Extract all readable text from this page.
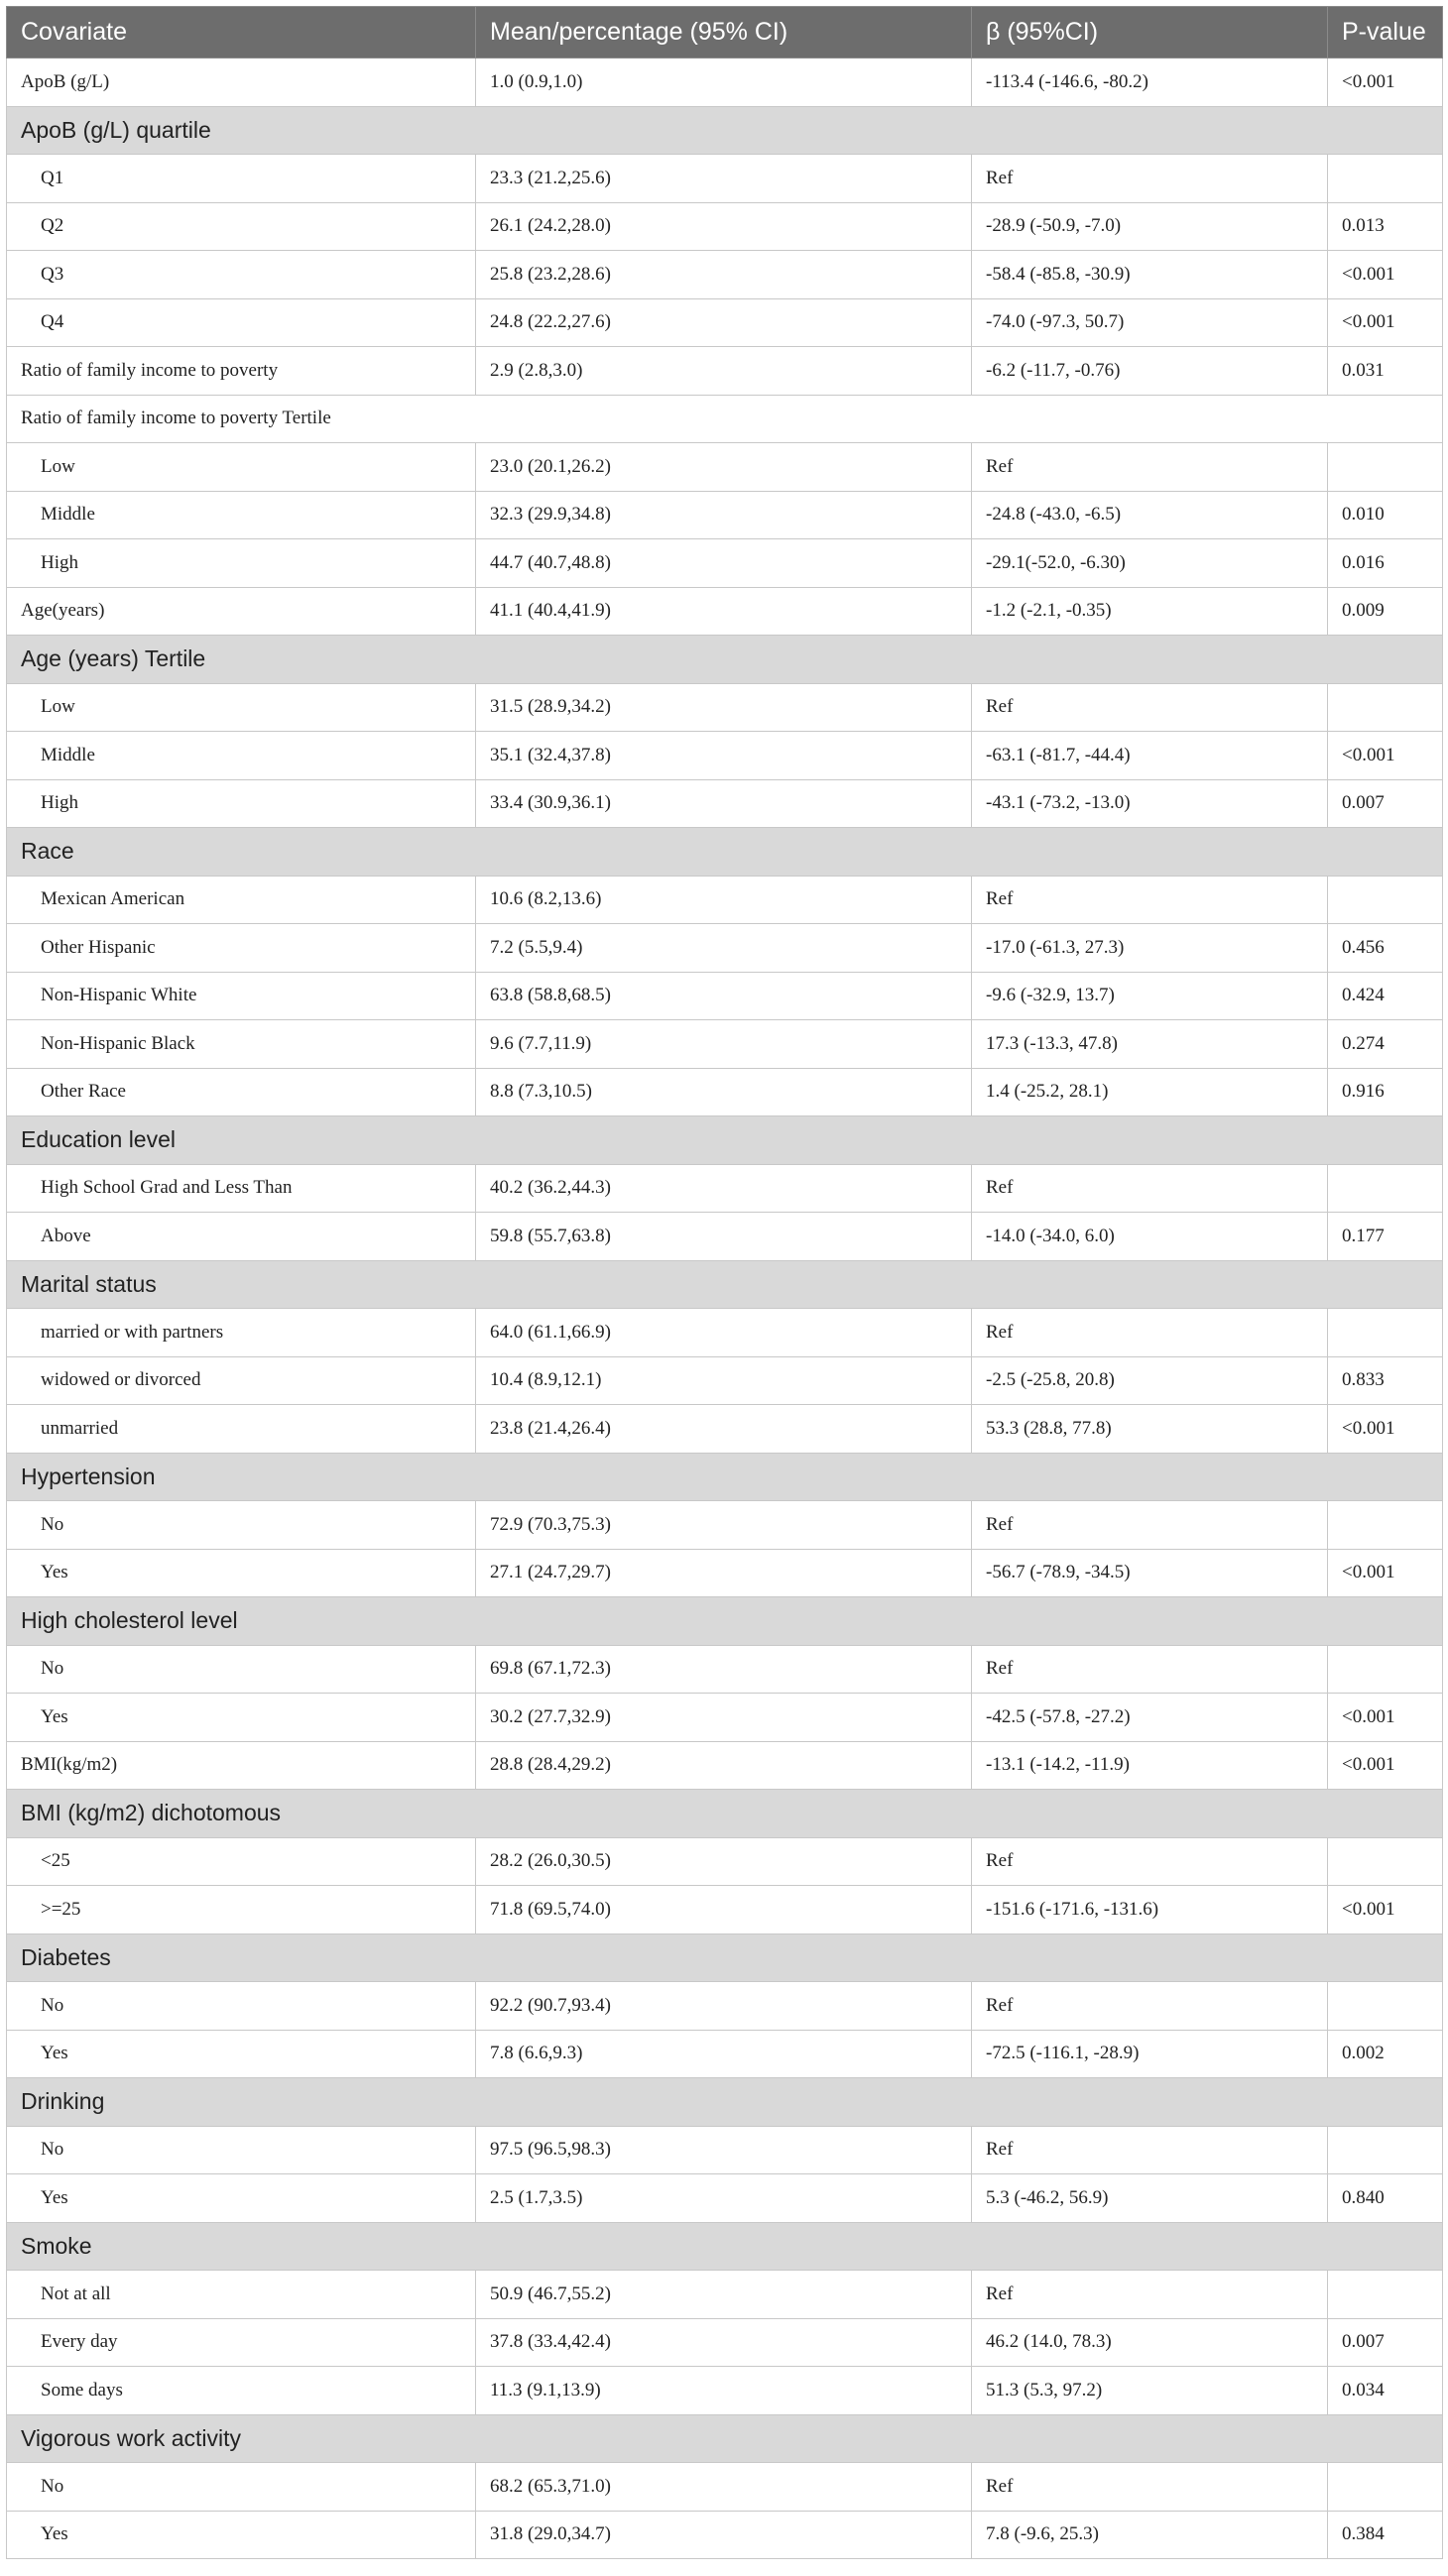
Covariate	Mean/percentage (95% CI)	β (95%CI)	P-value
ApoB (g/L)	1.0 (0.9,1.0)	-113.4 (-146.6, -80.2)	<0.001
ApoB (g/L) quartile			
Q1	23.3 (21.2,25.6)	Ref	
Q2	26.1 (24.2,28.0)	-28.9 (-50.9, -7.0)	0.013
Q3	25.8 (23.2,28.6)	-58.4 (-85.8, -30.9)	<0.001
Q4	24.8 (22.2,27.6)	-74.0 (-97.3, 50.7)	<0.001
Ratio of family income to poverty	2.9 (2.8,3.0)	-6.2 (-11.7, -0.76)	0.031
Ratio of family income to poverty Tertile			
Low	23.0 (20.1,26.2)	Ref	
Middle	32.3 (29.9,34.8)	-24.8 (-43.0, -6.5)	0.010
High	44.7 (40.7,48.8)	-29.1(-52.0, -6.30)	0.016
Age(years)	41.1 (40.4,41.9)	-1.2 (-2.1, -0.35)	0.009
Age (years) Tertile			
Low	31.5 (28.9,34.2)	Ref	
Middle	35.1 (32.4,37.8)	-63.1 (-81.7, -44.4)	<0.001
High	33.4 (30.9,36.1)	-43.1 (-73.2, -13.0)	0.007
Race			
Mexican American	10.6 (8.2,13.6)	Ref	
Other Hispanic	7.2 (5.5,9.4)	-17.0 (-61.3, 27.3)	0.456
Non-Hispanic White	63.8 (58.8,68.5)	-9.6 (-32.9, 13.7)	0.424
Non-Hispanic Black	9.6 (7.7,11.9)	17.3 (-13.3, 47.8)	0.274
Other Race	8.8 (7.3,10.5)	1.4 (-25.2, 28.1)	0.916
Education level			
High School Grad and Less Than	40.2 (36.2,44.3)	Ref	
Above	59.8 (55.7,63.8)	-14.0 (-34.0, 6.0)	0.177
Marital status			
married or with partners	64.0 (61.1,66.9)	Ref	
widowed or divorced	10.4 (8.9,12.1)	-2.5 (-25.8, 20.8)	0.833
unmarried	23.8 (21.4,26.4)	53.3 (28.8, 77.8)	<0.001
Hypertension			
No	72.9 (70.3,75.3)	Ref	
Yes	27.1 (24.7,29.7)	-56.7 (-78.9, -34.5)	<0.001
High cholesterol level			
No	69.8 (67.1,72.3)	Ref	
Yes	30.2 (27.7,32.9)	-42.5 (-57.8, -27.2)	<0.001
BMI(kg/m2)	28.8 (28.4,29.2)	-13.1 (-14.2, -11.9)	<0.001
BMI (kg/m2) dichotomous			
<25	28.2 (26.0,30.5)	Ref	
>=25	71.8 (69.5,74.0)	-151.6 (-171.6, -131.6)	<0.001
Diabetes			
No	92.2 (90.7,93.4)	Ref	
Yes	7.8 (6.6,9.3)	-72.5 (-116.1, -28.9)	0.002
Drinking			
No	97.5 (96.5,98.3)	Ref	
Yes	2.5 (1.7,3.5)	5.3 (-46.2, 56.9)	0.840
Smoke			
Not at all	50.9 (46.7,55.2)	Ref	
Every day	37.8 (33.4,42.4)	46.2 (14.0, 78.3)	0.007
Some days	11.3 (9.1,13.9)	51.3 (5.3, 97.2)	0.034
Vigorous work activity			
No	68.2 (65.3,71.0)	Ref	
Yes	31.8 (29.0,34.7)	7.8 (-9.6, 25.3)	0.384
